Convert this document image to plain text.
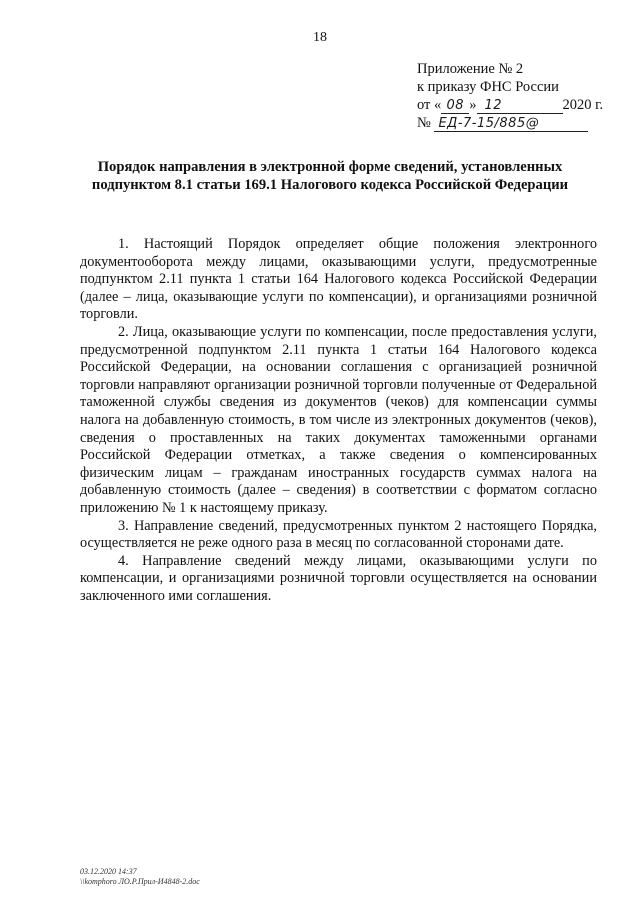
18
Приложение № 2
к приказу ФНС России
от « 08 » 12	2020 г.
№ ЕД-7-15/885@
Порядок направления в электронной форме сведений, установленных
подпунктом 8.1 статьи 169.1 Налогового кодекса Российской Федерации

1. Настоящий Порядок определяет общие положения электронного документооборота между лицами, оказывающими услуги, предусмотренные подпунктом 2.11 пункта 1 статьи 164 Налогового кодекса Российской Федерации (далее – лица, оказывающие услуги по компенсации), и организациями розничной торговли.

2. Лица, оказывающие услуги по компенсации, после предоставления услуги, предусмотренной подпунктом 2.11 пункта 1 статьи 164 Налогового кодекса Российской Федерации, на основании соглашения с организацией розничной торговли направляют организации розничной торговли полученные от Федеральной таможенной службы сведения из документов (чеков) для компенсации суммы налога на добавленную стоимость, в том числе из электронных документов (чеков), сведения о проставленных на таких документах таможенными органами Российской Федерации отметках, а также сведения о компенсированных физическим лицам – гражданам иностранных государств суммах налога на добавленную стоимость (далее – сведения) в соответствии с форматом согласно приложению № 1 к настоящему приказу.

3. Направление сведений, предусмотренных пунктом 2 настоящего Порядка, осуществляется не реже одного раза в месяц по согласованной сторонами дате.

4. Направление сведений между лицами, оказывающими услуги по компенсации, и организациями розничной торговли осуществляется на основании заключенного ими соглашения.

03.12.2020 14:37
\\komphoro ЛО.Р.Прил-И4848-2.doc
